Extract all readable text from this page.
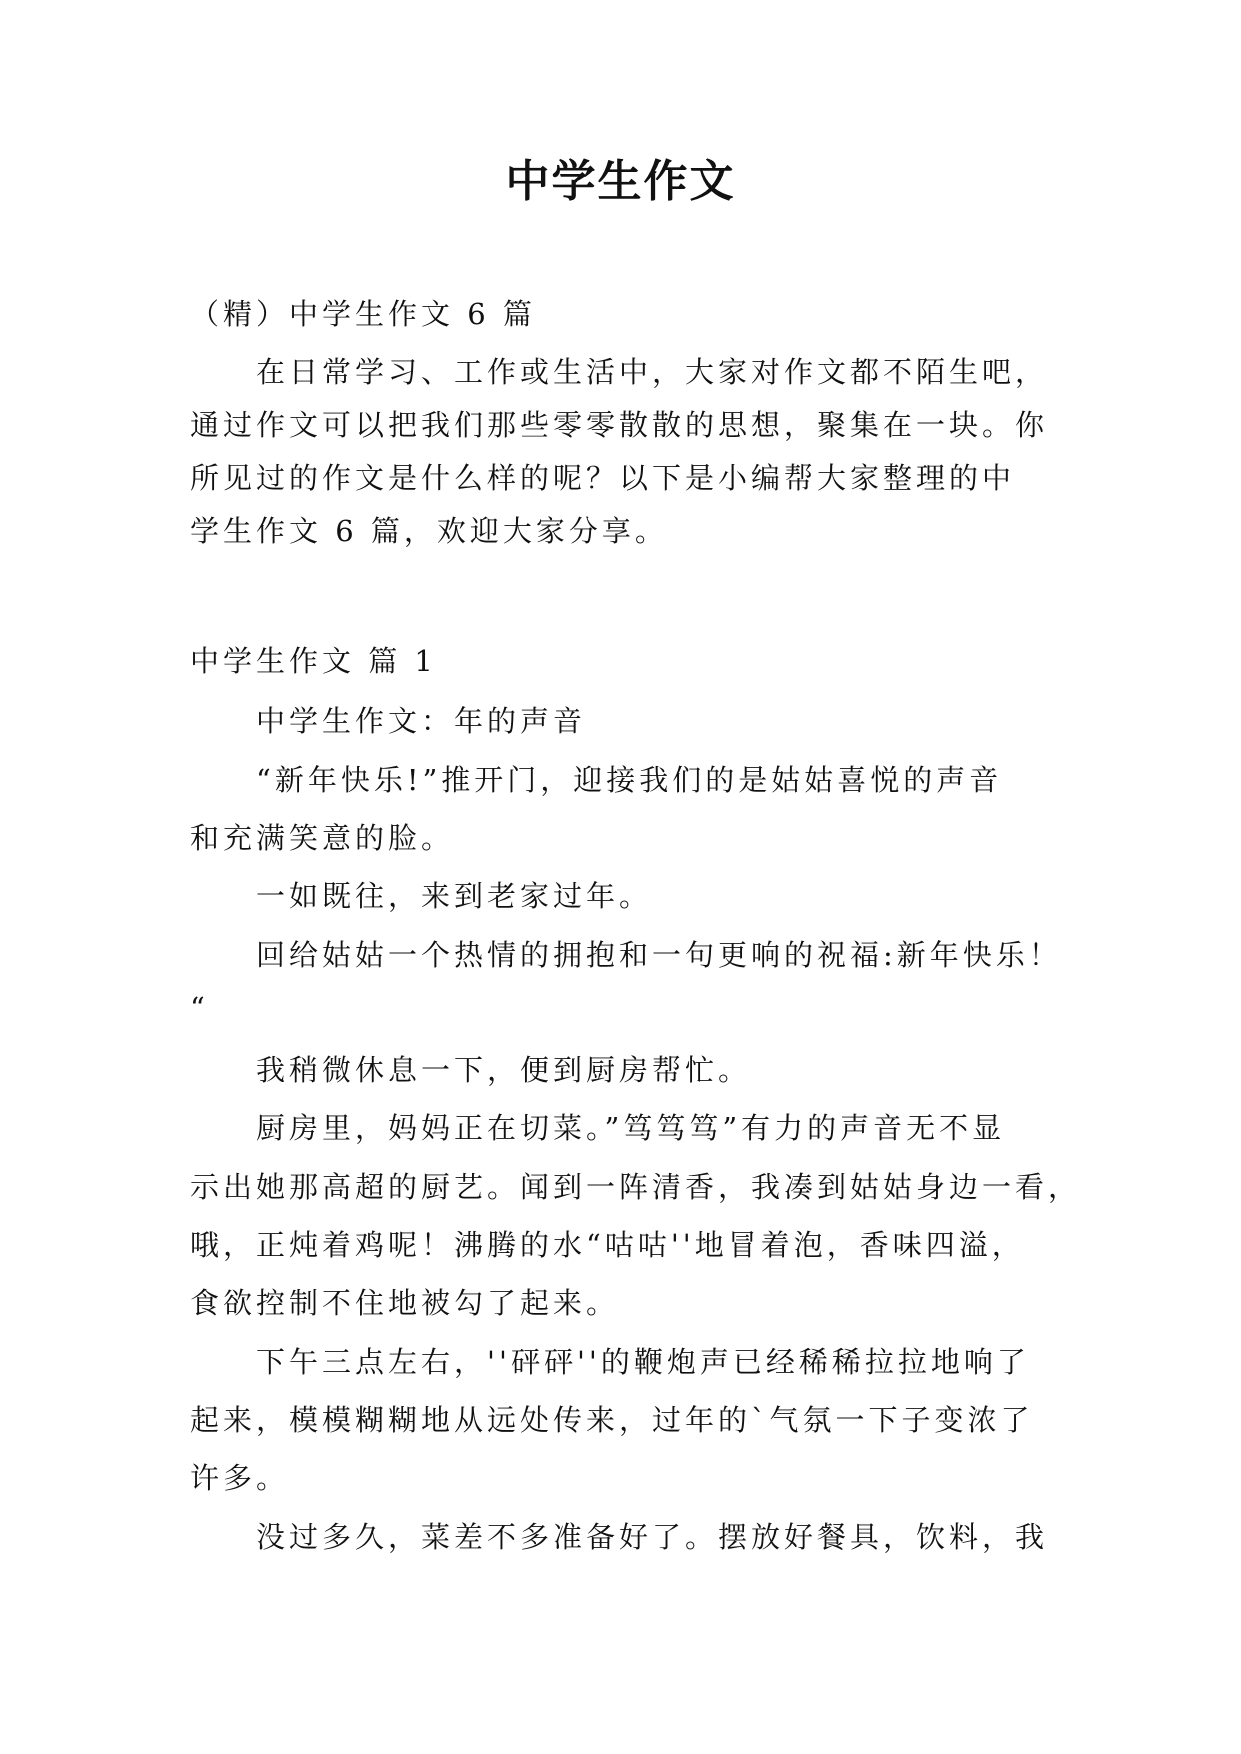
中学生作文
（精）中学生作文 6 篇
在日常学习、工作或生活中，大家对作文都不陌生吧，
通过作文可以把我们那些零零散散的思想，聚集在一块。你
所见过的作文是什么样的呢？以下是小编帮大家整理的中
学生作文 6 篇，欢迎大家分享。
中学生作文 篇 1
中学生作文：年的声音
“新年快乐!”推开门，迎接我们的是姑姑喜悦的声音
和充满笑意的脸。
一如既往，来到老家过年。
回给姑姑一个热情的拥抱和一句更响的祝福:新年快乐！
“
我稍微休息一下，便到厨房帮忙。
厨房里，妈妈正在切菜。”笃笃笃”有力的声音无不显
示出她那高超的厨艺。闻到一阵清香，我凑到姑姑身边一看，
哦，正炖着鸡呢！沸腾的水“咕咕''地冒着泡，香味四溢，
食欲控制不住地被勾了起来。
下午三点左右，''砰砰''的鞭炮声已经稀稀拉拉地响了
起来，模模糊糊地从远处传来，过年的`气氛一下子变浓了
许多。
没过多久，菜差不多准备好了。摆放好餐具，饮料，我
